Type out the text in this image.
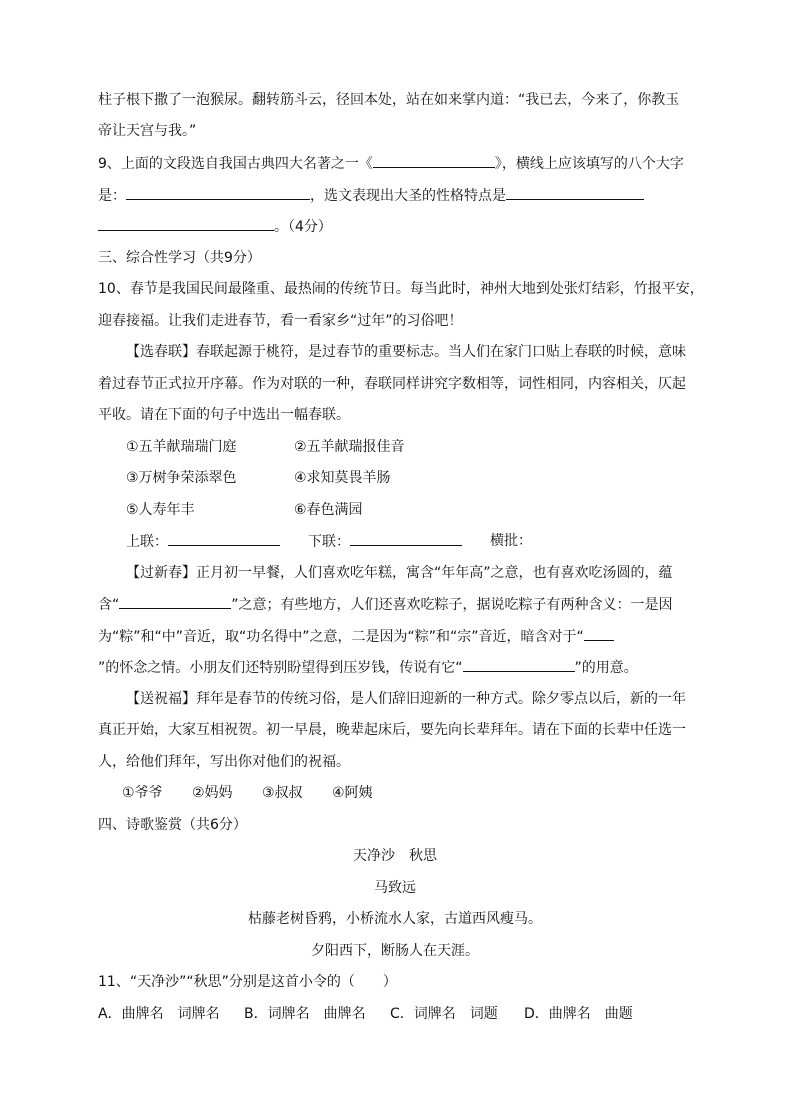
柱子根下撒了一泡猴尿。翻转筋斗云，径回本处，站在如来掌内道：“我已去，今来了，你教玉
帝让天宫与我。”
9、上面的文段选自我国古典四大名著之一《	》，横线上应该填写的八个大字
是：	，选文表现出大圣的性格特点是
。（4分）
三、综合性学习（共9分）
10、春节是我国民间最隆重、最热闹的传统节日。每当此时，神州大地到处张灯结彩，竹报平安，
迎春接福。让我们走进春节，看一看家乡“过年”的习俗吧！
【选春联】春联起源于桃符，是过春节的重要标志。当人们在家门口贴上春联的时候，意味
着过春节正式拉开序幕。作为对联的一种，春联同样讲究字数相等，词性相同，内容相关，仄起
平收。请在下面的句子中选出一幅春联。
①五羊献瑞瑞门庭	②五羊献瑞报佳音
③万树争荣添翠色	④求知莫畏羊肠
⑤人寿年丰	⑥春色满园
上联：	下联：	横批：
【过新春】正月初一早餐，人们喜欢吃年糕，寓含“年年高”之意，也有喜欢吃汤圆的，蕴
含“	”之意；有些地方，人们还喜欢吃粽子，据说吃粽子有两种含义：一是因
为“粽”和“中”音近，取“功名得中”之意，二是因为“粽”和“宗”音近，暗含对于“
”的怀念之情。小朋友们还特别盼望得到压岁钱，传说有它“	”的用意。
【送祝福】拜年是春节的传统习俗，是人们辞旧迎新的一种方式。除夕零点以后，新的一年
真正开始，大家互相祝贺。初一早晨，晚辈起床后，要先向长辈拜年。请在下面的长辈中任选一
人，给他们拜年，写出你对他们的祝福。
①爷爷 ②妈妈 ③叔叔 ④阿姨
四、诗歌鉴赏（共6分）
天净沙　秋思
马致远
枯藤老树昏鸦，小桥流水人家，古道西风瘦马。
夕阳西下，断肠人在天涯。
11、“天净沙”“秋思”分别是这首小令的（　　）
A．曲牌名　词牌名 B．词牌名　曲牌名 C．词牌名　词题 D．曲牌名　曲题
